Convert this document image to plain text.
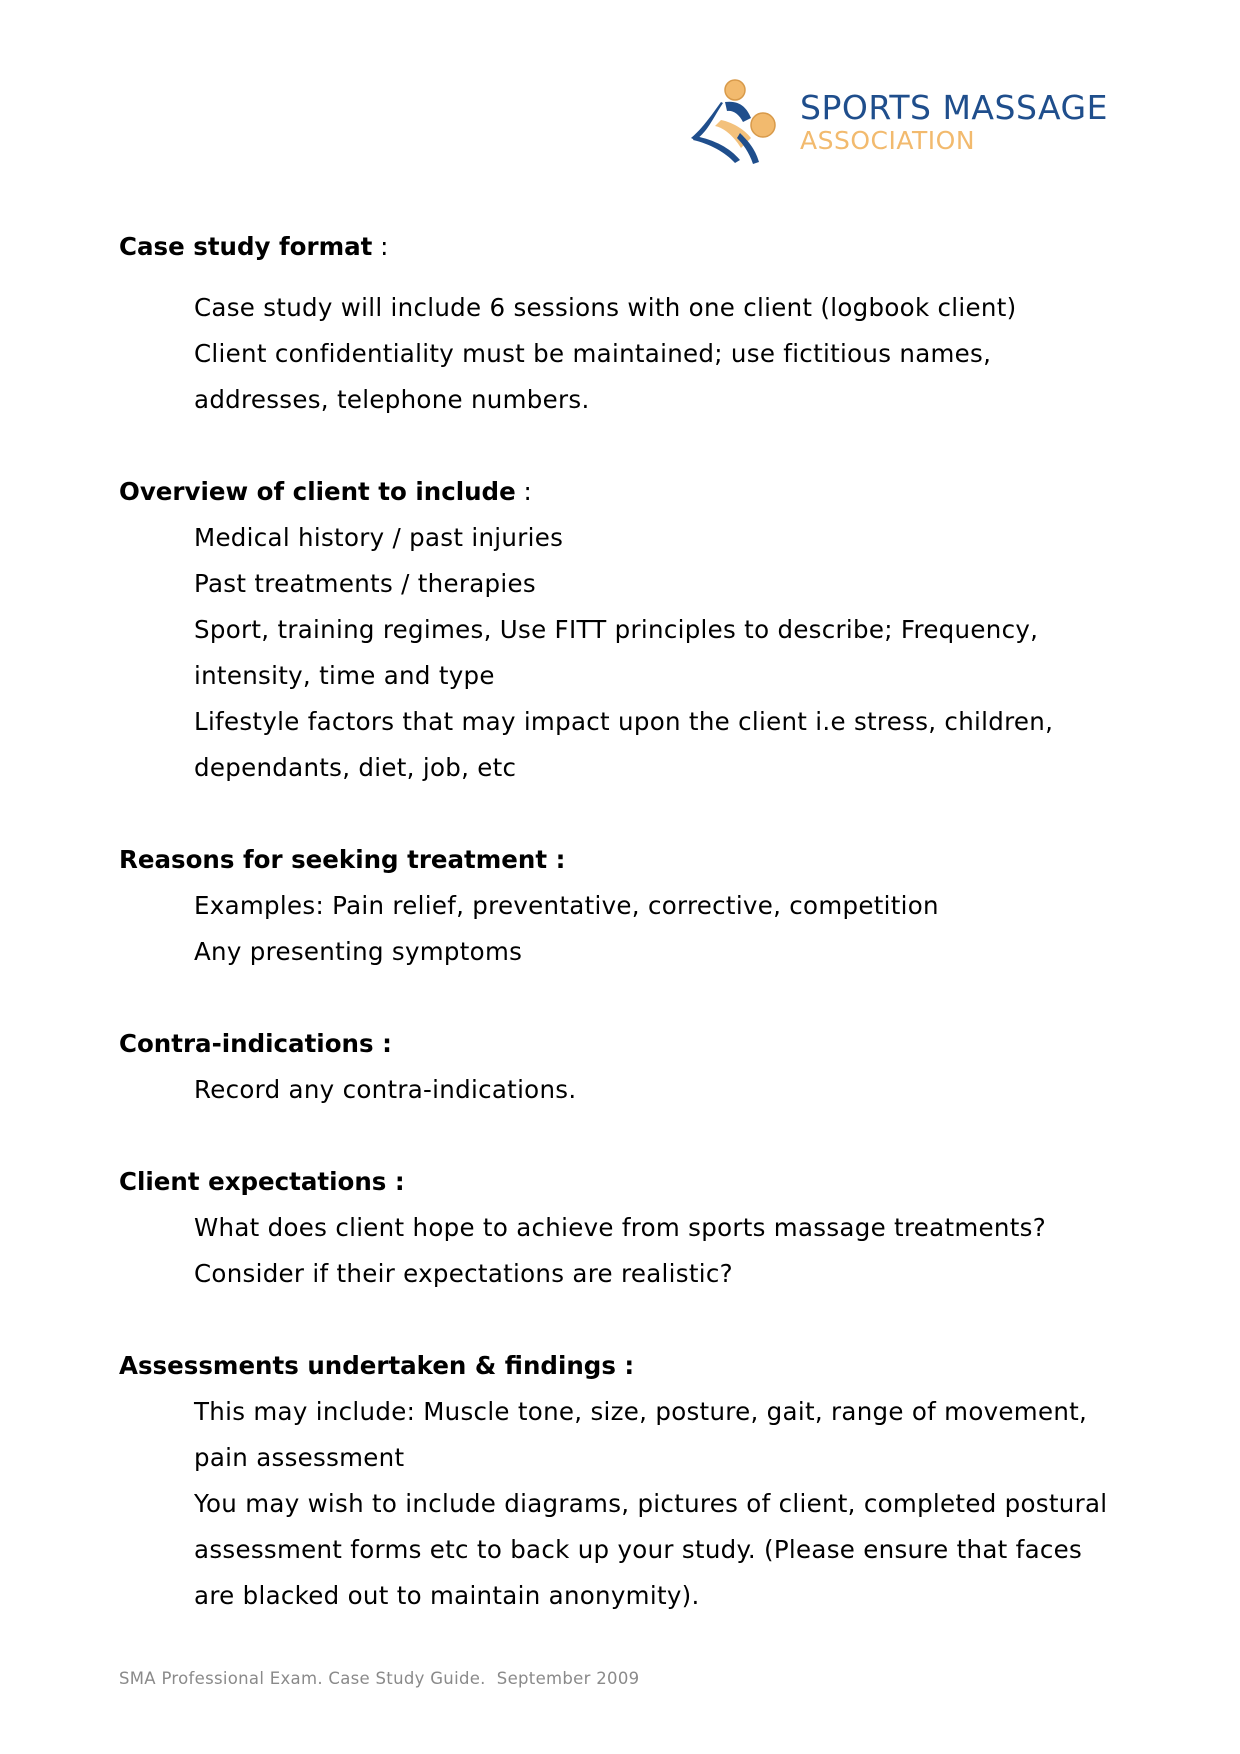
SPORTS MASSAGE
ASSOCIATION

Case study format :

Case study will include 6 sessions with one client (logbook client)
Client confidentiality must be maintained; use fictitious names,
addresses, telephone numbers.

Overview of client to include :

Medical history / past injuries
Past treatments / therapies
Sport, training regimes, Use FITT principles to describe; Frequency,
intensity, time and type
Lifestyle factors that may impact upon the client i.e stress, children,
dependants, diet, job, etc

Reasons for seeking treatment :

Examples: Pain relief, preventative, corrective, competition
Any presenting symptoms

Contra-indications :

Record any contra-indications.

Client expectations :

What does client hope to achieve from sports massage treatments?
Consider if their expectations are realistic?

Assessments undertaken & findings :

This may include: Muscle tone, size, posture, gait, range of movement,
pain assessment
You may wish to include diagrams, pictures of client, completed postural
assessment forms etc to back up your study. (Please ensure that faces
are blacked out to maintain anonymity).
SMA Professional Exam. Case Study Guide.  September 2009
